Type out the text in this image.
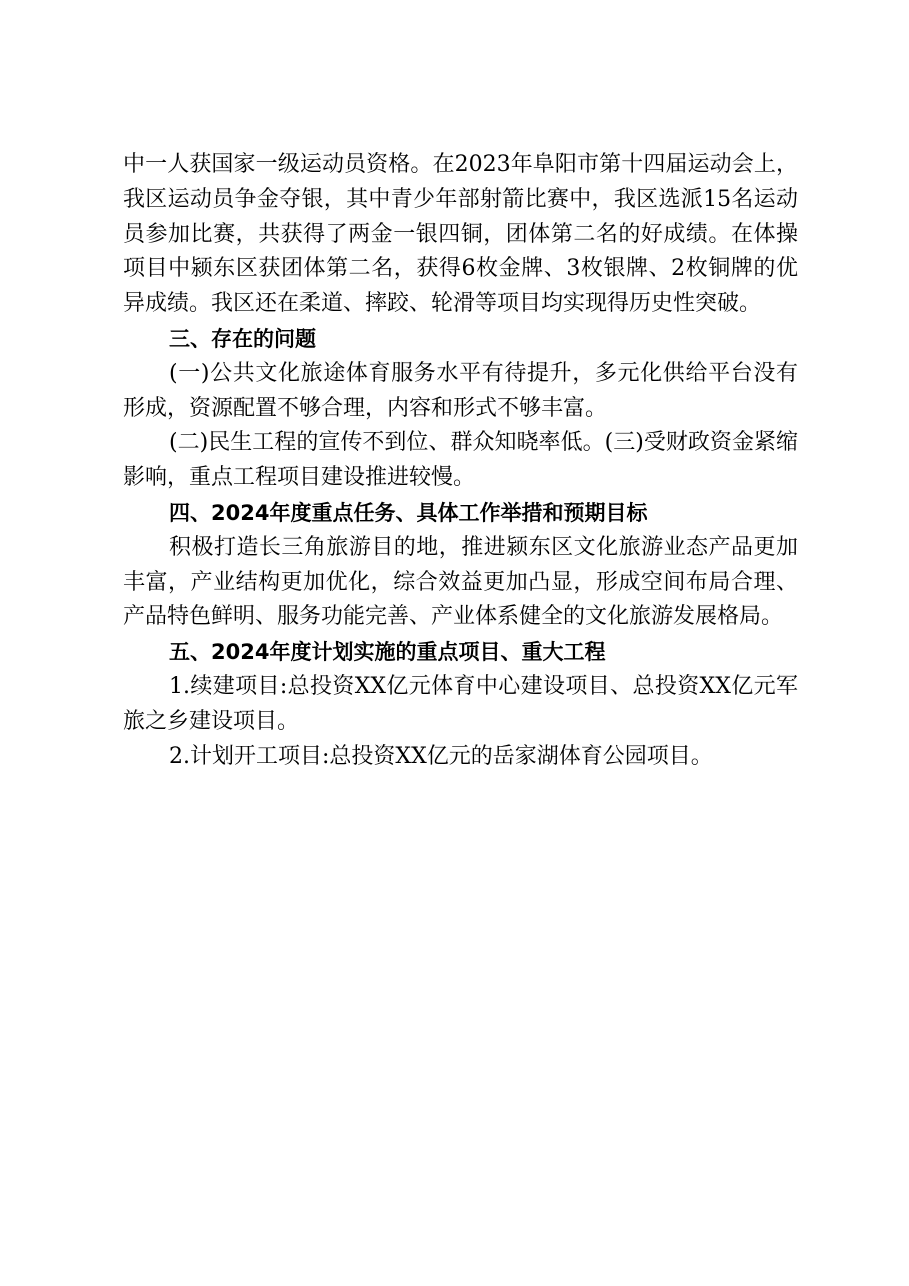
中一人获国家一级运动员资格。在2023年阜阳市第十四届运动会上，我区运动员争金夺银，其中青少年部射箭比赛中，我区选派15名运动员参加比赛，共获得了两金一银四铜，团体第二名的好成绩。在体操项目中颍东区获团体第二名，获得6枚金牌、3枚银牌、2枚铜牌的优异成绩。我区还在柔道、摔跤、轮滑等项目均实现得历史性突破。

三、存在的问题

(一)公共文化旅途体育服务水平有待提升，多元化供给平台没有形成，资源配置不够合理，内容和形式不够丰富。

(二)民生工程的宣传不到位、群众知晓率低。(三)受财政资金紧缩影响，重点工程项目建设推进较慢。

四、2024年度重点任务、具体工作举措和预期目标

积极打造长三角旅游目的地，推进颍东区文化旅游业态产品更加丰富，产业结构更加优化，综合效益更加凸显，形成空间布局合理、产品特色鲜明、服务功能完善、产业体系健全的文化旅游发展格局。

五、2024年度计划实施的重点项目、重大工程

1.续建项目:总投资XX亿元体育中心建设项目、总投资XX亿元军旅之乡建设项目。

2.计划开工项目:总投资XX亿元的岳家湖体育公园项目。
